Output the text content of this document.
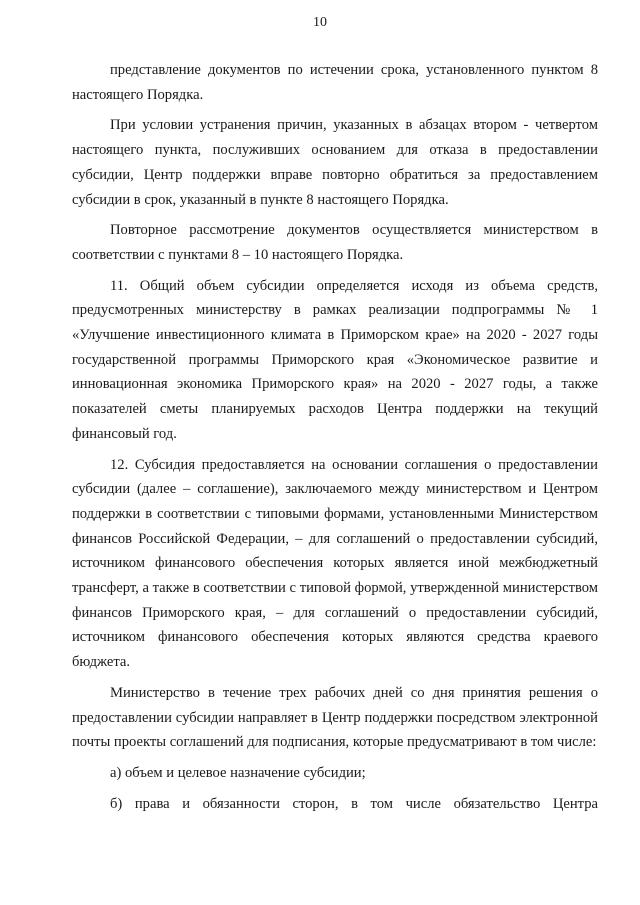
10

представление документов по истечении срока, установленного пунктом 8 настоящего Порядка.

При условии устранения причин, указанных в абзацах втором - четвертом настоящего пункта, послуживших основанием для отказа в предоставлении субсидии, Центр поддержки вправе повторно обратиться за предоставлением субсидии в срок, указанный в пункте 8 настоящего Порядка.

Повторное рассмотрение документов осуществляется министерством в соответствии с пунктами 8 – 10 настоящего Порядка.

11. Общий объем субсидии определяется исходя из объема средств, предусмотренных министерству в рамках реализации подпрограммы № 1 «Улучшение инвестиционного климата в Приморском крае» на 2020 - 2027 годы государственной программы Приморского края «Экономическое развитие и инновационная экономика Приморского края» на 2020 - 2027 годы, а также показателей сметы планируемых расходов Центра поддержки на текущий финансовый год.

12. Субсидия предоставляется на основании соглашения о предоставлении субсидии (далее – соглашение), заключаемого между министерством и Центром поддержки в соответствии с типовыми формами, установленными Министерством финансов Российской Федерации, – для соглашений о предоставлении субсидий, источником финансового обеспечения которых является иной межбюджетный трансферт, а также в соответствии с типовой формой, утвержденной министерством финансов Приморского края, – для соглашений о предоставлении субсидий, источником финансового обеспечения которых являются средства краевого бюджета.

Министерство в течение трех рабочих дней со дня принятия решения о предоставлении субсидии направляет в Центр поддержки посредством электронной почты проекты соглашений для подписания, которые предусматривают в том числе:

а) объем и целевое назначение субсидии;

б) права и обязанности сторон, в том числе обязательство Центра
